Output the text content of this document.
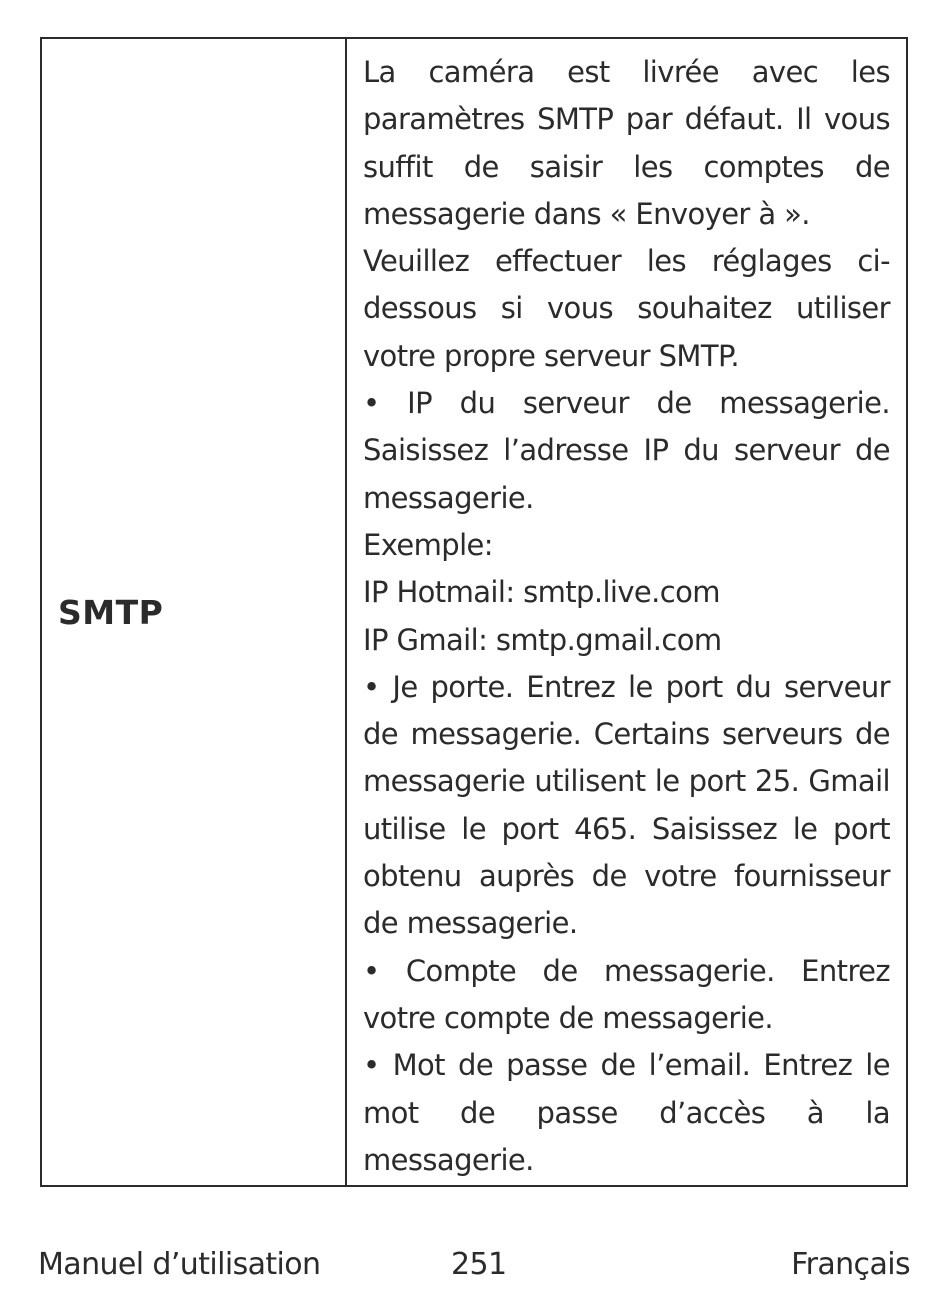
SMTP

La caméra est livrée avec les paramètres SMTP par défaut. Il vous suffit de saisir les comptes de messagerie dans « Envoyer à ».

Veuillez effectuer les réglages ci-dessous si vous souhaitez utiliser votre propre serveur SMTP.

• IP du serveur de messagerie. Saisissez l’adresse IP du serveur de messagerie.

Exemple:

IP Hotmail: smtp.live.com

IP Gmail: smtp.gmail.com

• Je porte. Entrez le port du serveur de messagerie. Certains serveurs de messagerie utilisent le port 25. Gmail utilise le port 465. Saisissez le port obtenu auprès de votre fournisseur de messagerie.

• Compte de messagerie. Entrez votre compte de messagerie.

• Mot de passe de l’email. Entrez le mot de passe d’accès à la messagerie.

Manuel d’utilisation	251	Français
